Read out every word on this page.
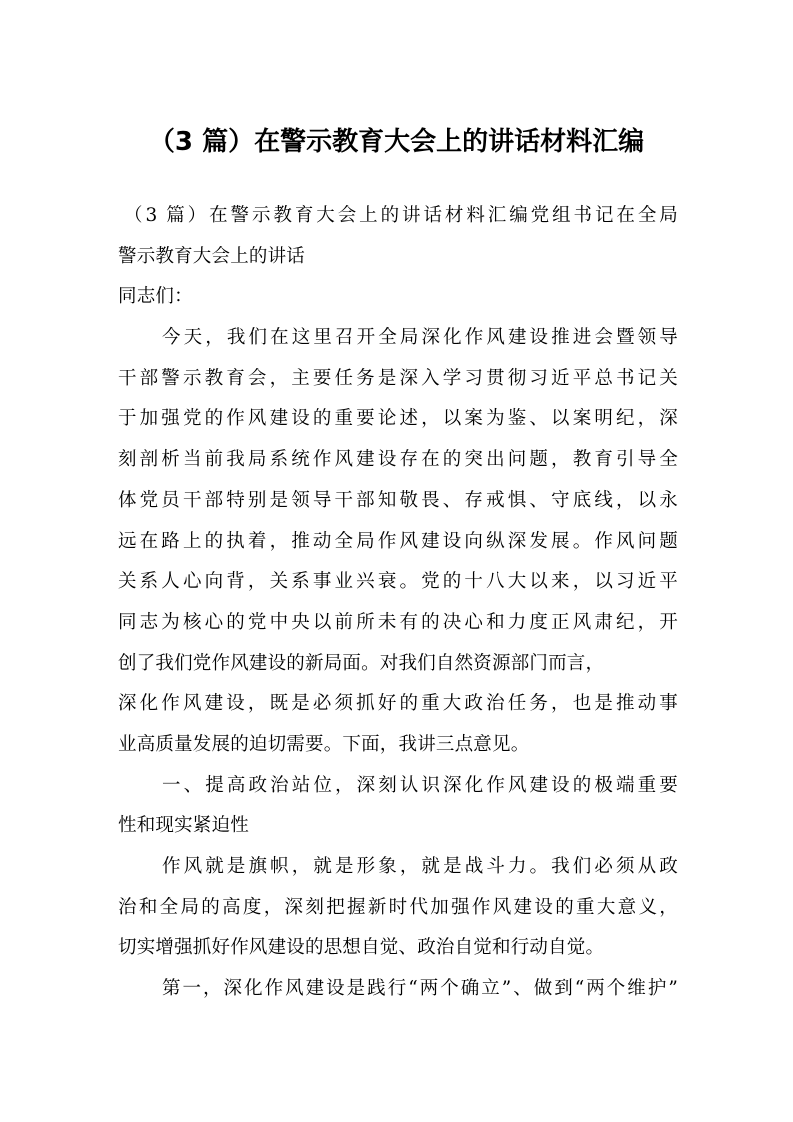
（3 篇）在警示教育大会上的讲话材料汇编
（3 篇）在警示教育大会上的讲话材料汇编党组书记在全局
警示教育大会上的讲话
同志们：
今天，我们在这里召开全局深化作风建设推进会暨领导
干部警示教育会，主要任务是深入学习贯彻习近平总书记关
于加强党的作风建设的重要论述，以案为鉴、以案明纪，深
刻剖析当前我局系统作风建设存在的突出问题，教育引导全
体党员干部特别是领导干部知敬畏、存戒惧、守底线，以永
远在路上的执着，推动全局作风建设向纵深发展。作风问题
关系人心向背，关系事业兴衰。党的十八大以来，以习近平
同志为核心的党中央以前所未有的决心和力度正风肃纪，开
创了我们党作风建设的新局面。对我们自然资源部门而言，
深化作风建设，既是必须抓好的重大政治任务，也是推动事
业高质量发展的迫切需要。下面，我讲三点意见。
一、提高政治站位，深刻认识深化作风建设的极端重要
性和现实紧迫性
作风就是旗帜，就是形象，就是战斗力。我们必须从政
治和全局的高度，深刻把握新时代加强作风建设的重大意义，
切实增强抓好作风建设的思想自觉、政治自觉和行动自觉。
第一，深化作风建设是践行“两个确立”、做到“两个维护”
